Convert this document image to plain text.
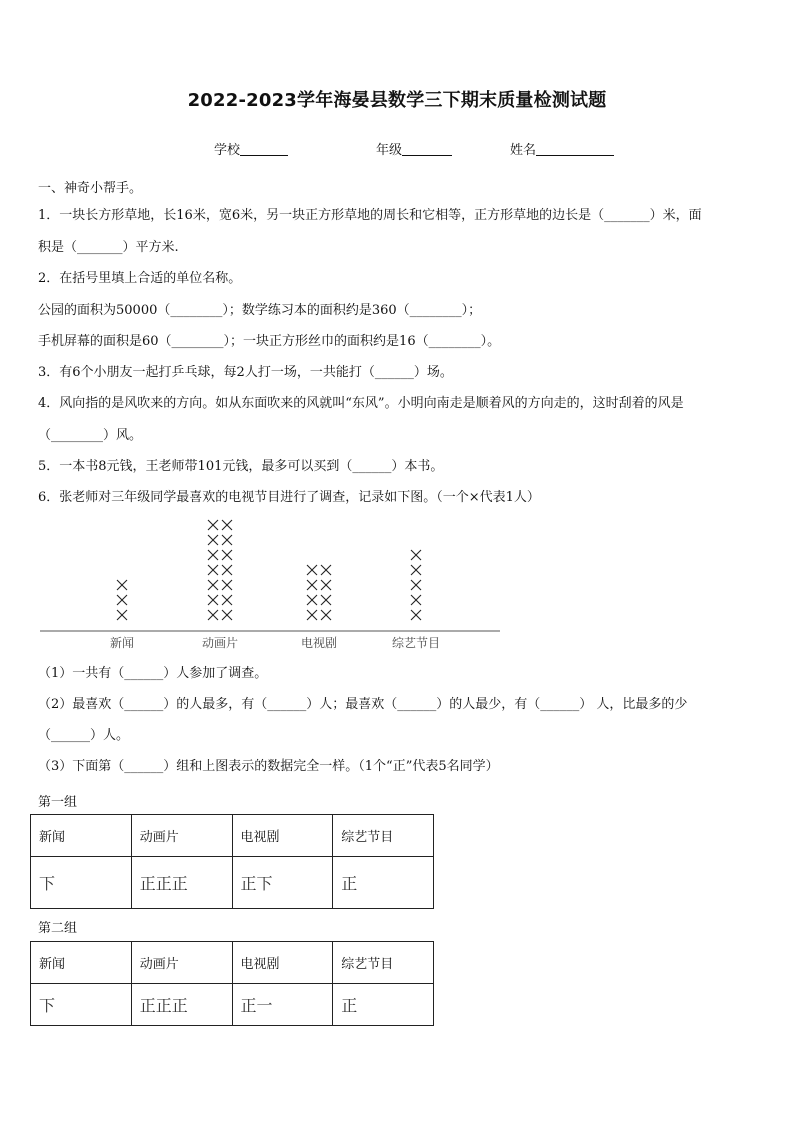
2022-2023学年海晏县数学三下期末质量检测试题
学校	年级	姓名
一、神奇小帮手。
1．一块长方形草地，长16米，宽6米，另一块正方形草地的周长和它相等，正方形草地的边长是（_______）米，面
积是（_______）平方米.
2．在括号里填上合适的单位名称。
公园的面积为50000（________）；数学练习本的面积约是360（________）；
手机屏幕的面积是60（________）；一块正方形丝巾的面积约是16（________）。
3．有6个小朋友一起打乒乓球，每2人打一场，一共能打（______）场。
4．风向指的是风吹来的方向。如从东面吹来的风就叫“东风”。小明向南走是顺着风的方向走的，这时刮着的风是
（________）风。
5．一本书8元钱，王老师带101元钱，最多可以买到（______）本书。
6．张老师对三年级同学最喜欢的电视节目进行了调查，记录如下图。（一个×代表1人）
新闻	动画片	电视剧	综艺节目
（1）一共有（______）人参加了调查。
（2）最喜欢（______）的人最多，有（______）人；最喜欢（______）的人最少，有（______） 人，比最多的少
（______）人。
（3）下面第（______）组和上图表示的数据完全一样。（1个“正”代表5名同学）
第一组
新闻	动画片	电视剧	综艺节目
下	正正正	正下	正
第二组
新闻	动画片	电视剧	综艺节目
下	正正正	正一	正
